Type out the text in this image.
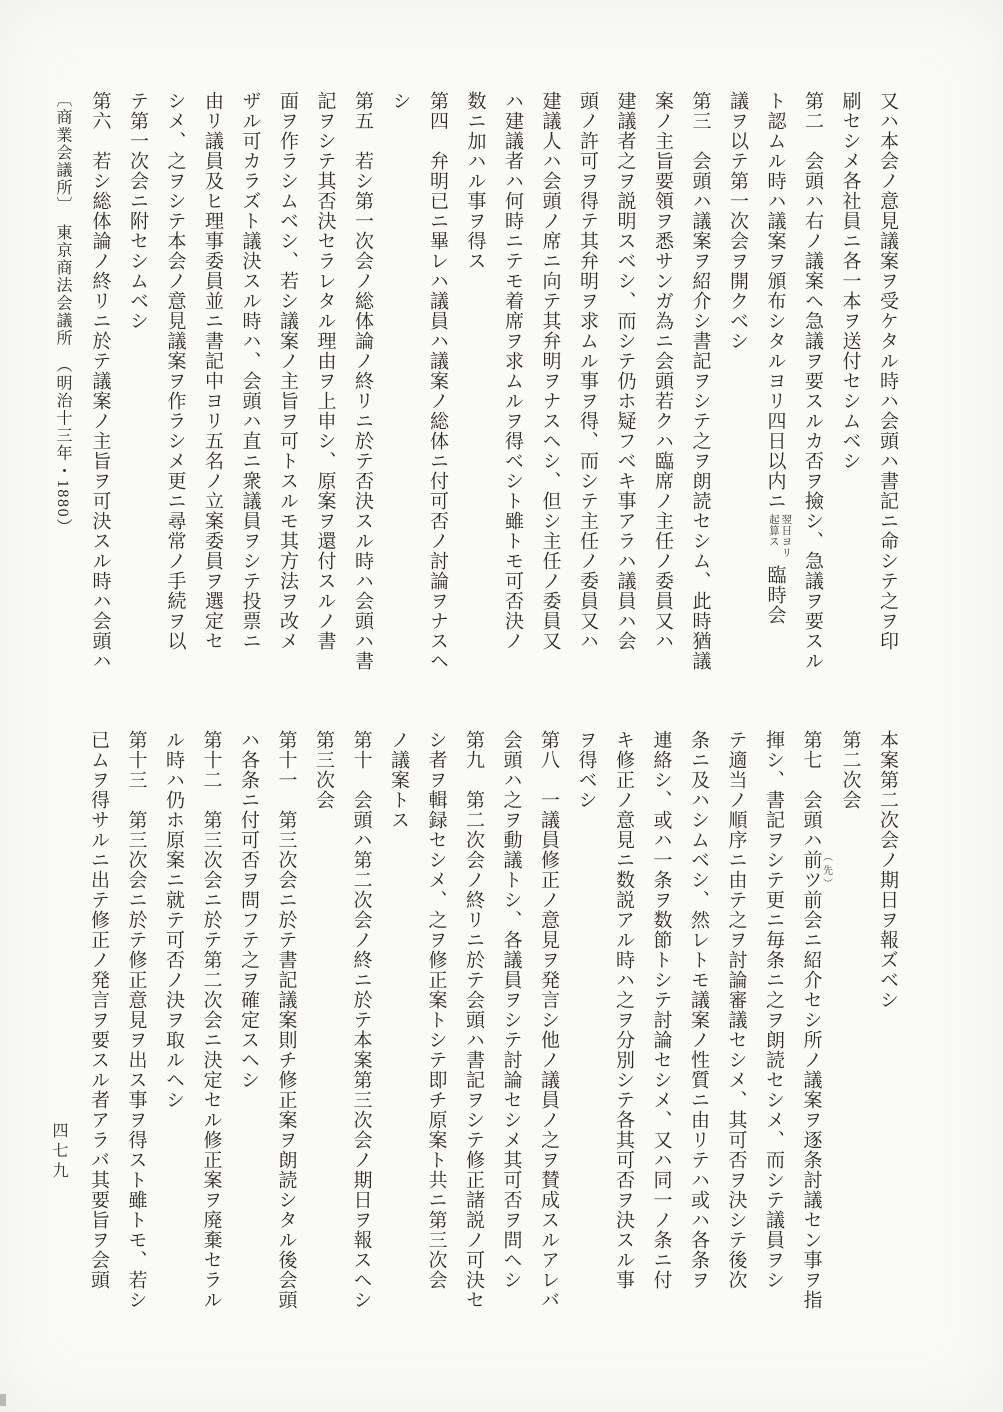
又ハ本会ノ意見議案ヲ受ケタル時ハ会頭ハ書記ニ命シテ之ヲ印

刷セシメ各社員ニ各一本ヲ送付セシムベシ

第二　会頭ハ右ノ議案ヘ急議ヲ要スルカ否ヲ撿シ、急議ヲ要スル

ト認ムル時ハ議案ヲ頒布シタルヨリ四日以内ニ翌日ヨリ起算ス臨時会

議ヲ以テ第一次会ヲ開クベシ

第三　会頭ハ議案ヲ紹介シ書記ヲシテ之ヲ朗読セシム、此時猶議

案ノ主旨要領ヲ悉サンガ為ニ会頭若クハ臨席ノ主任ノ委員又ハ

建議者之ヲ説明スベシ、而シテ仍ホ疑フベキ事アラハ議員ハ会

頭ノ許可ヲ得テ其弁明ヲ求ムル事ヲ得、而シテ主任ノ委員又ハ

建議人ハ会頭ノ席ニ向テ其弁明ヲナスヘシ、但シ主任ノ委員又

ハ建議者ハ何時ニテモ着席ヲ求ムルヲ得ベシト雖トモ可否決ノ

数ニ加ハル事ヲ得ス

第四　弁明已ニ畢レハ議員ハ議案ノ総体ニ付可否ノ討論ヲナスヘ

シ

第五　若シ第一次会ノ総体論ノ終リニ於テ否決スル時ハ会頭ハ書

記ヲシテ其否決セラレタル理由ヲ上申シ、原案ヲ還付スルノ書

面ヲ作ラシムベシ、若シ議案ノ主旨ヲ可トスルモ其方法ヲ改メ

ザル可カラズト議決スル時ハ、会頭ハ直ニ衆議員ヲシテ投票ニ

由リ議員及ヒ理事委員並ニ書記中ヨリ五名ノ立案委員ヲ選定セ

シメ、之ヲシテ本会ノ意見議案ヲ作ラシメ更ニ尋常ノ手続ヲ以

テ第一次会ニ附セシムベシ

第六　若シ総体論ノ終リニ於テ議案ノ主旨ヲ可決スル時ハ会頭ハ

〔商業会議所〕　東京商法会議所　（明治十三年・1880）

本案第二次会ノ期日ヲ報ズベシ

第二次会

第七　会頭ハ前ツ （先）前会ニ紹介セシ所ノ議案ヲ逐条討議セン事ヲ指

揮シ、書記ヲシテ更ニ毎条ニ之ヲ朗読セシメ、而シテ議員ヲシ

テ適当ノ順序ニ由テ之ヲ討論審議セシメ、其可否ヲ決シテ後次

条ニ及ハシムベシ、然レトモ議案ノ性質ニ由リテハ或ハ各条ヲ

連絡シ、或ハ一条ヲ数節トシテ討論セシメ、又ハ同一ノ条ニ付

キ修正ノ意見ニ数説アル時ハ之ヲ分別シテ各其可否ヲ決スル事

ヲ得ベシ

第八　一議員修正ノ意見ヲ発言シ他ノ議員ノ之ヲ賛成スルアレバ

会頭ハ之ヲ動議トシ、各議員ヲシテ討論セシメ其可否ヲ問ヘシ

第九　第二次会ノ終リニ於テ会頭ハ書記ヲシテ修正諸説ノ可決セ

シ者ヲ輯録セシメ、之ヲ修正案トシテ即チ原案ト共ニ第三次会

ノ議案トス

第十　会頭ハ第二次会ノ終ニ於テ本案第三次会ノ期日ヲ報スヘシ

第三次会

第十一　第三次会ニ於テ書記議案則チ修正案ヲ朗読シタル後会頭

ハ各条ニ付可否ヲ問フテ之ヲ確定スヘシ

第十二　第三次会ニ於テ第二次会ニ決定セル修正案ヲ廃棄セラル

ル時ハ仍ホ原案ニ就テ可否ノ決ヲ取ルヘシ

第十三　第三次会ニ於テ修正意見ヲ出ス事ヲ得スト雖トモ、若シ

已ムヲ得サルニ出テ修正ノ発言ヲ要スル者アラバ其要旨ヲ会頭

四七九
